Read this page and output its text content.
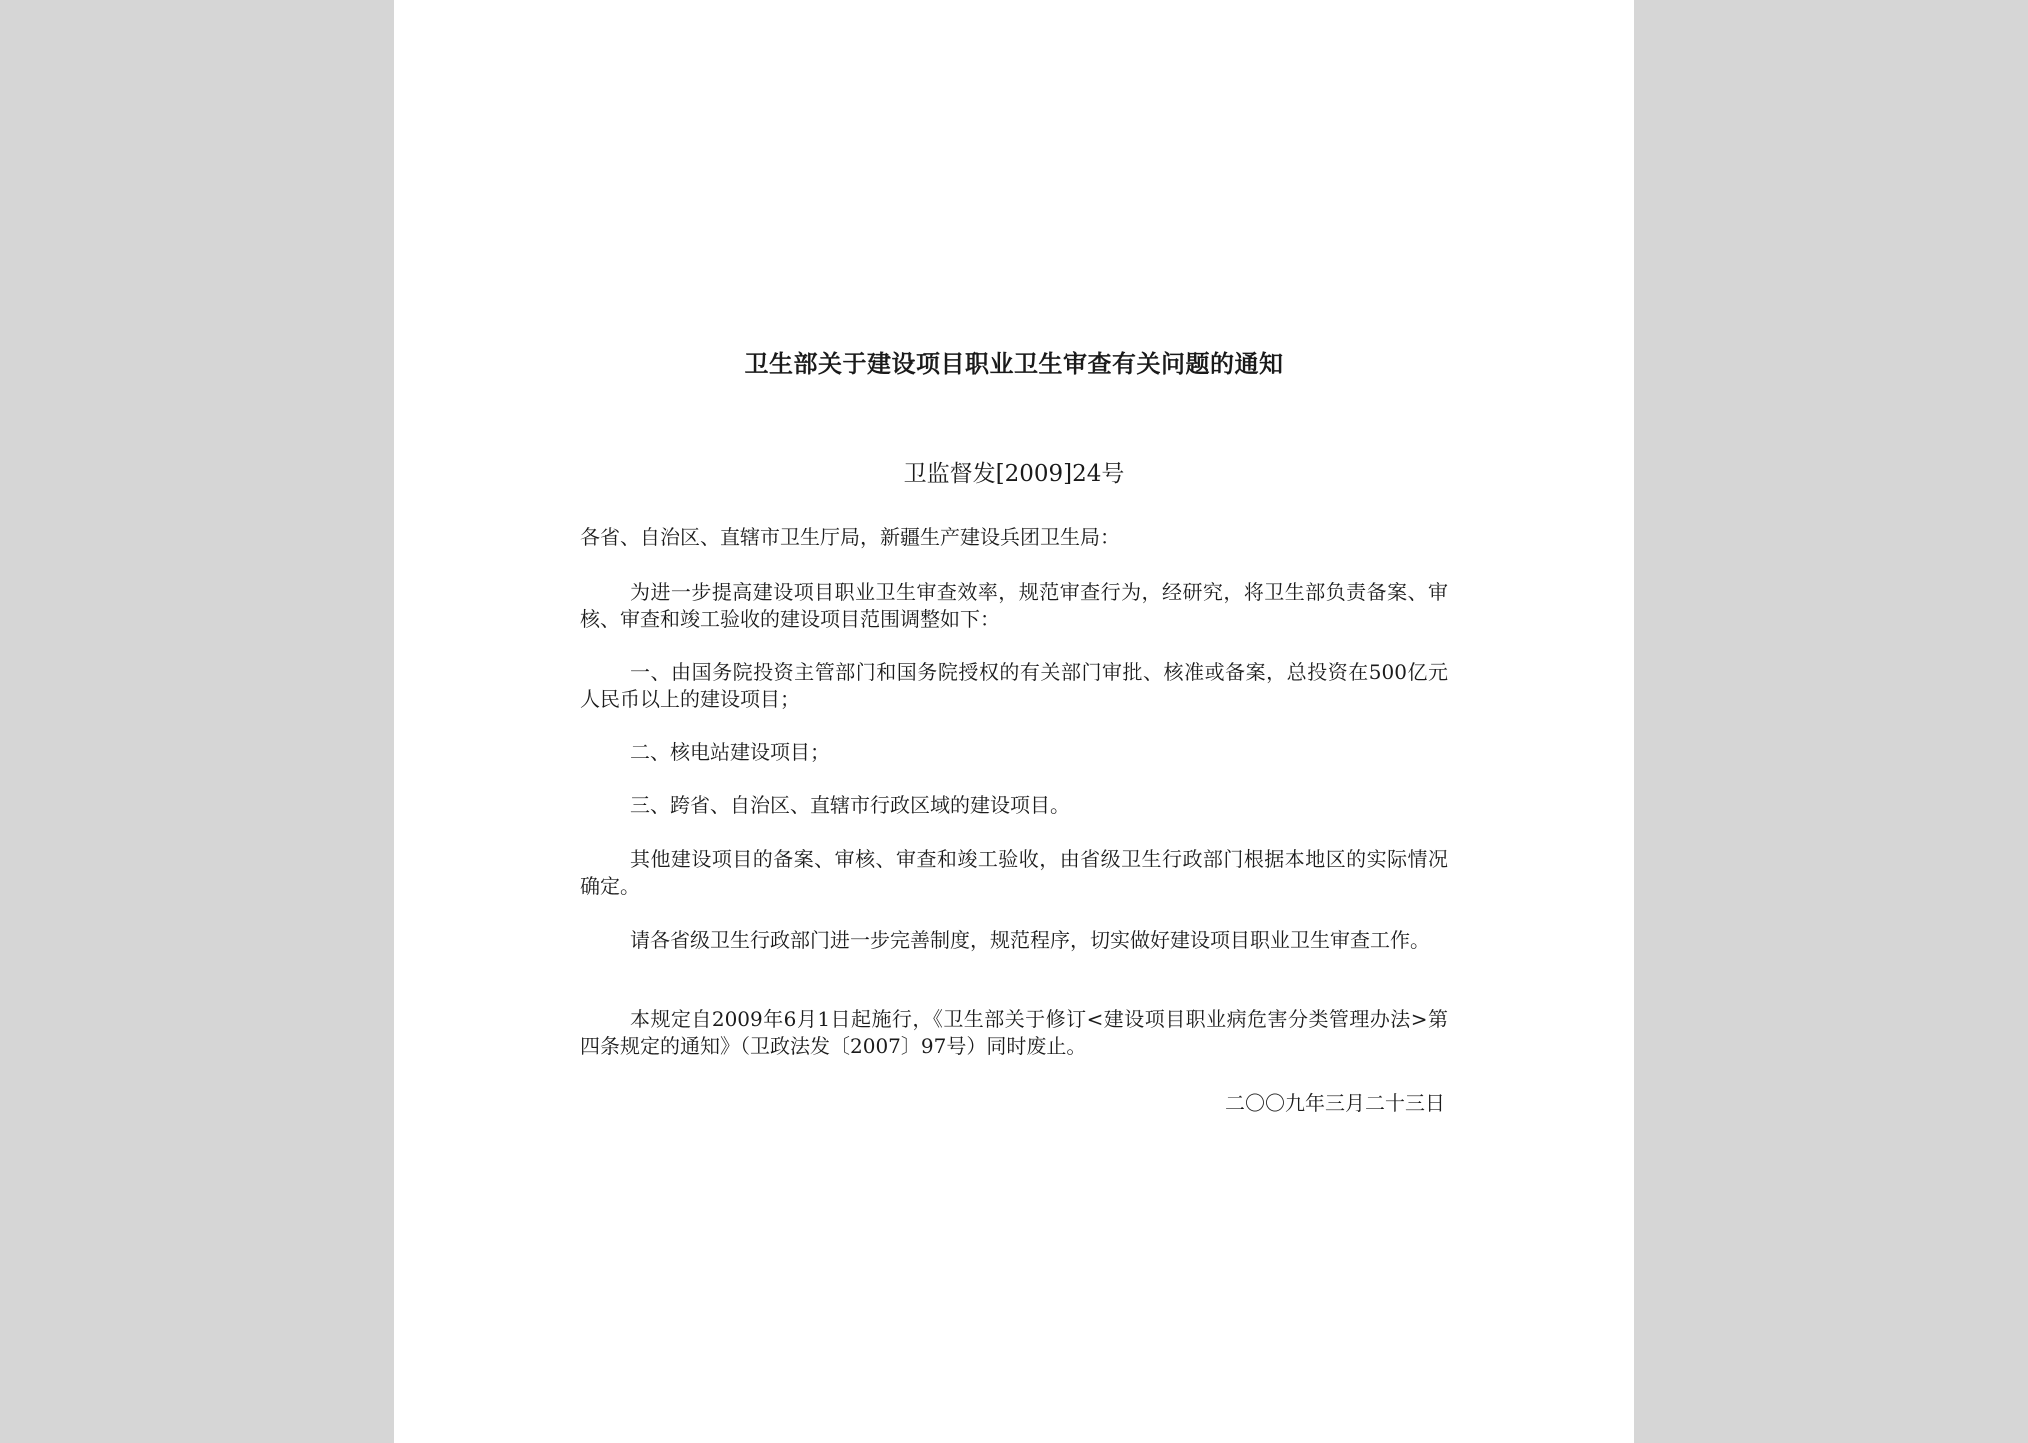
卫生部关于建设项目职业卫生审查有关问题的通知

卫监督发[2009]24号

各省、自治区、直辖市卫生厅局，新疆生产建设兵团卫生局：

为进一步提高建设项目职业卫生审查效率，规范审查行为，经研究，将卫生部负责备案、审核、审查和竣工验收的建设项目范围调整如下：

一、由国务院投资主管部门和国务院授权的有关部门审批、核准或备案，总投资在500亿元人民币以上的建设项目；

二、核电站建设项目；

三、跨省、自治区、直辖市行政区域的建设项目。

其他建设项目的备案、审核、审查和竣工验收，由省级卫生行政部门根据本地区的实际情况确定。

请各省级卫生行政部门进一步完善制度，规范程序，切实做好建设项目职业卫生审查工作。

本规定自2009年6月1日起施行，《卫生部关于修订<建设项目职业病危害分类管理办法>第四条规定的通知》（卫政法发〔2007〕97号）同时废止。

二〇〇九年三月二十三日
